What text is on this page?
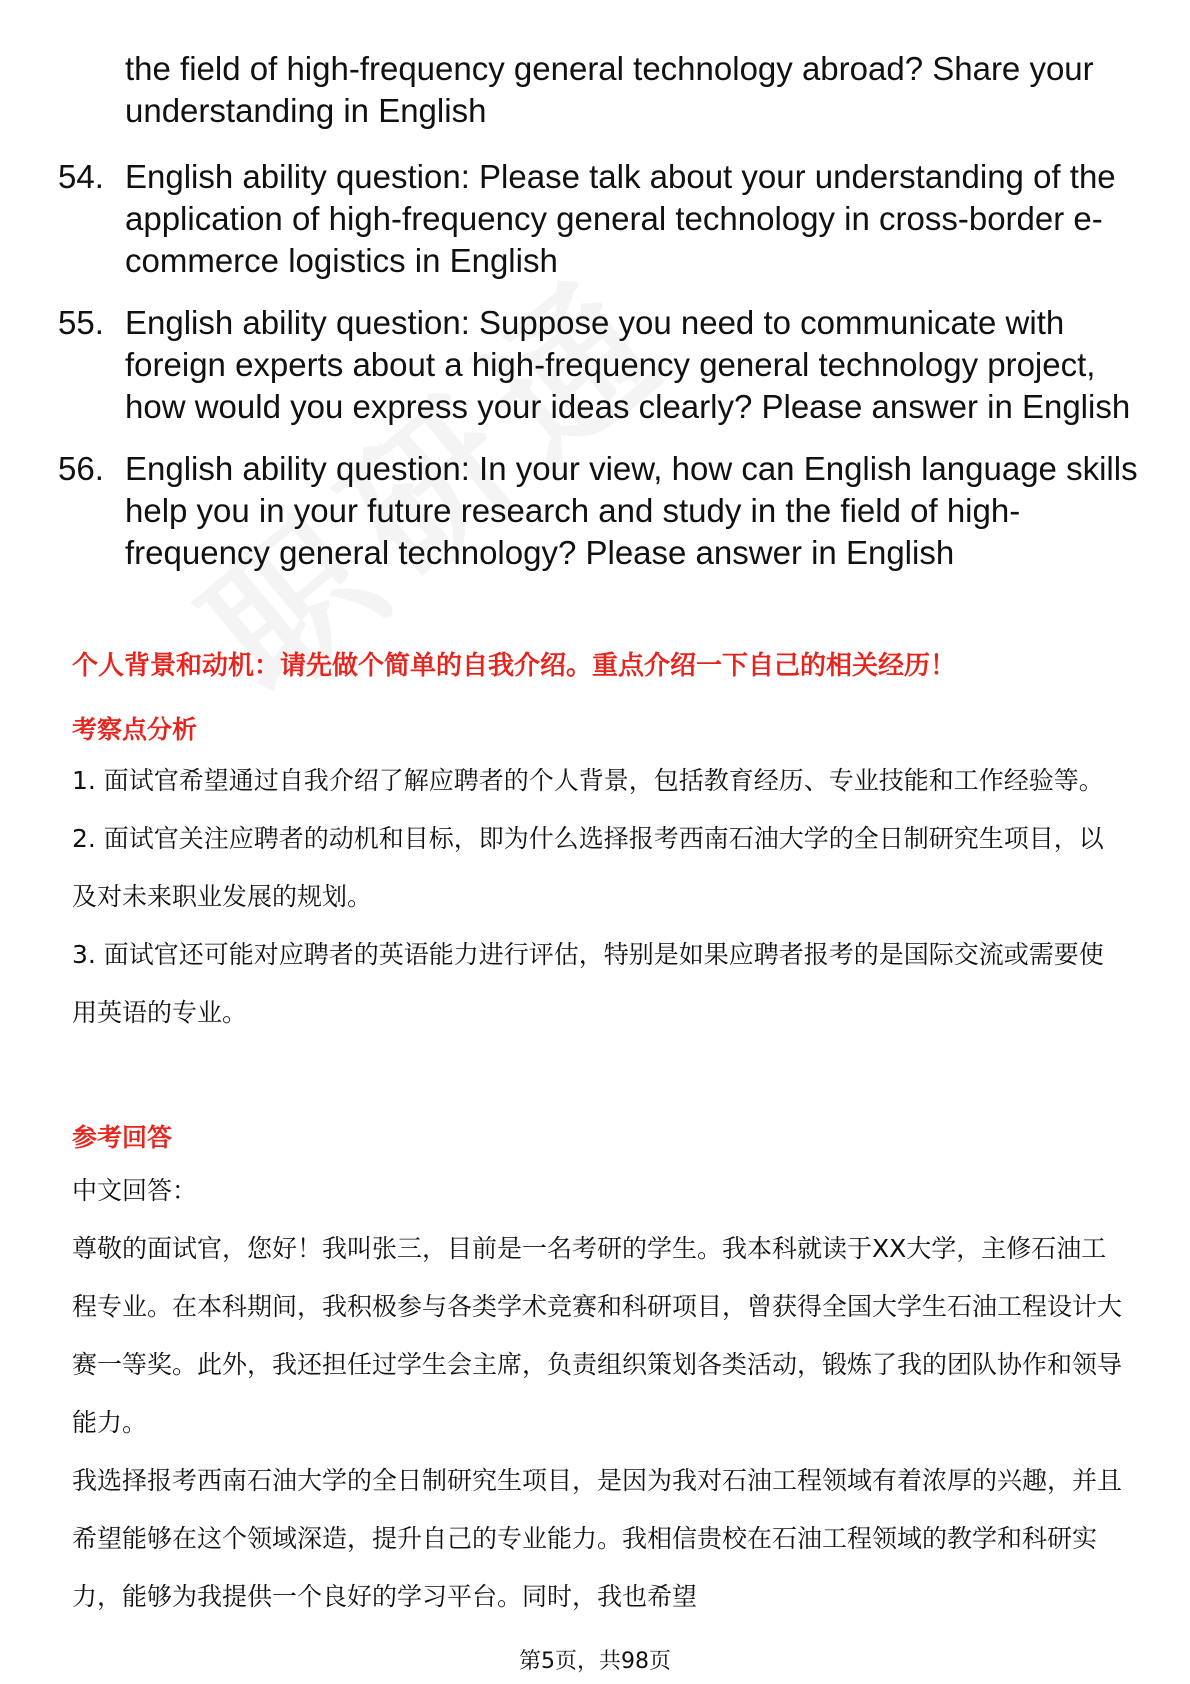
the field of high-frequency general technology abroad? Share your understanding in English
54. English ability question: Please talk about your understanding of the application of high-frequency general technology in cross-border e-commerce logistics in English
55. English ability question: Suppose you need to communicate with foreign experts about a high-frequency general technology project, how would you express your ideas clearly? Please answer in English
56. English ability question: In your view, how can English language skills help you in your future research and study in the field of high-frequency general technology? Please answer in English
个人背景和动机：请先做个简单的自我介绍。重点介绍一下自己的相关经历！
考察点分析

1. 面试官希望通过自我介绍了解应聘者的个人背景，包括教育经历、专业技能和工作经验等。

2. 面试官关注应聘者的动机和目标，即为什么选择报考西南石油大学的全日制研究生项目，以及对未来职业发展的规划。

3. 面试官还可能对应聘者的英语能力进行评估，特别是如果应聘者报考的是国际交流或需要使用英语的专业。

参考回答

中文回答：

尊敬的面试官，您好！我叫张三，目前是一名考研的学生。我本科就读于XX大学，主修石油工程专业。在本科期间，我积极参与各类学术竞赛和科研项目，曾获得全国大学生石油工程设计大赛一等奖。此外，我还担任过学生会主席，负责组织策划各类活动，锻炼了我的团队协作和领导能力。

我选择报考西南石油大学的全日制研究生项目，是因为我对石油工程领域有着浓厚的兴趣，并且希望能够在这个领域深造，提升自己的专业能力。我相信贵校在石油工程领域的教学和科研实力，能够为我提供一个良好的学习平台。同时，我也希望

第5页，共98页
